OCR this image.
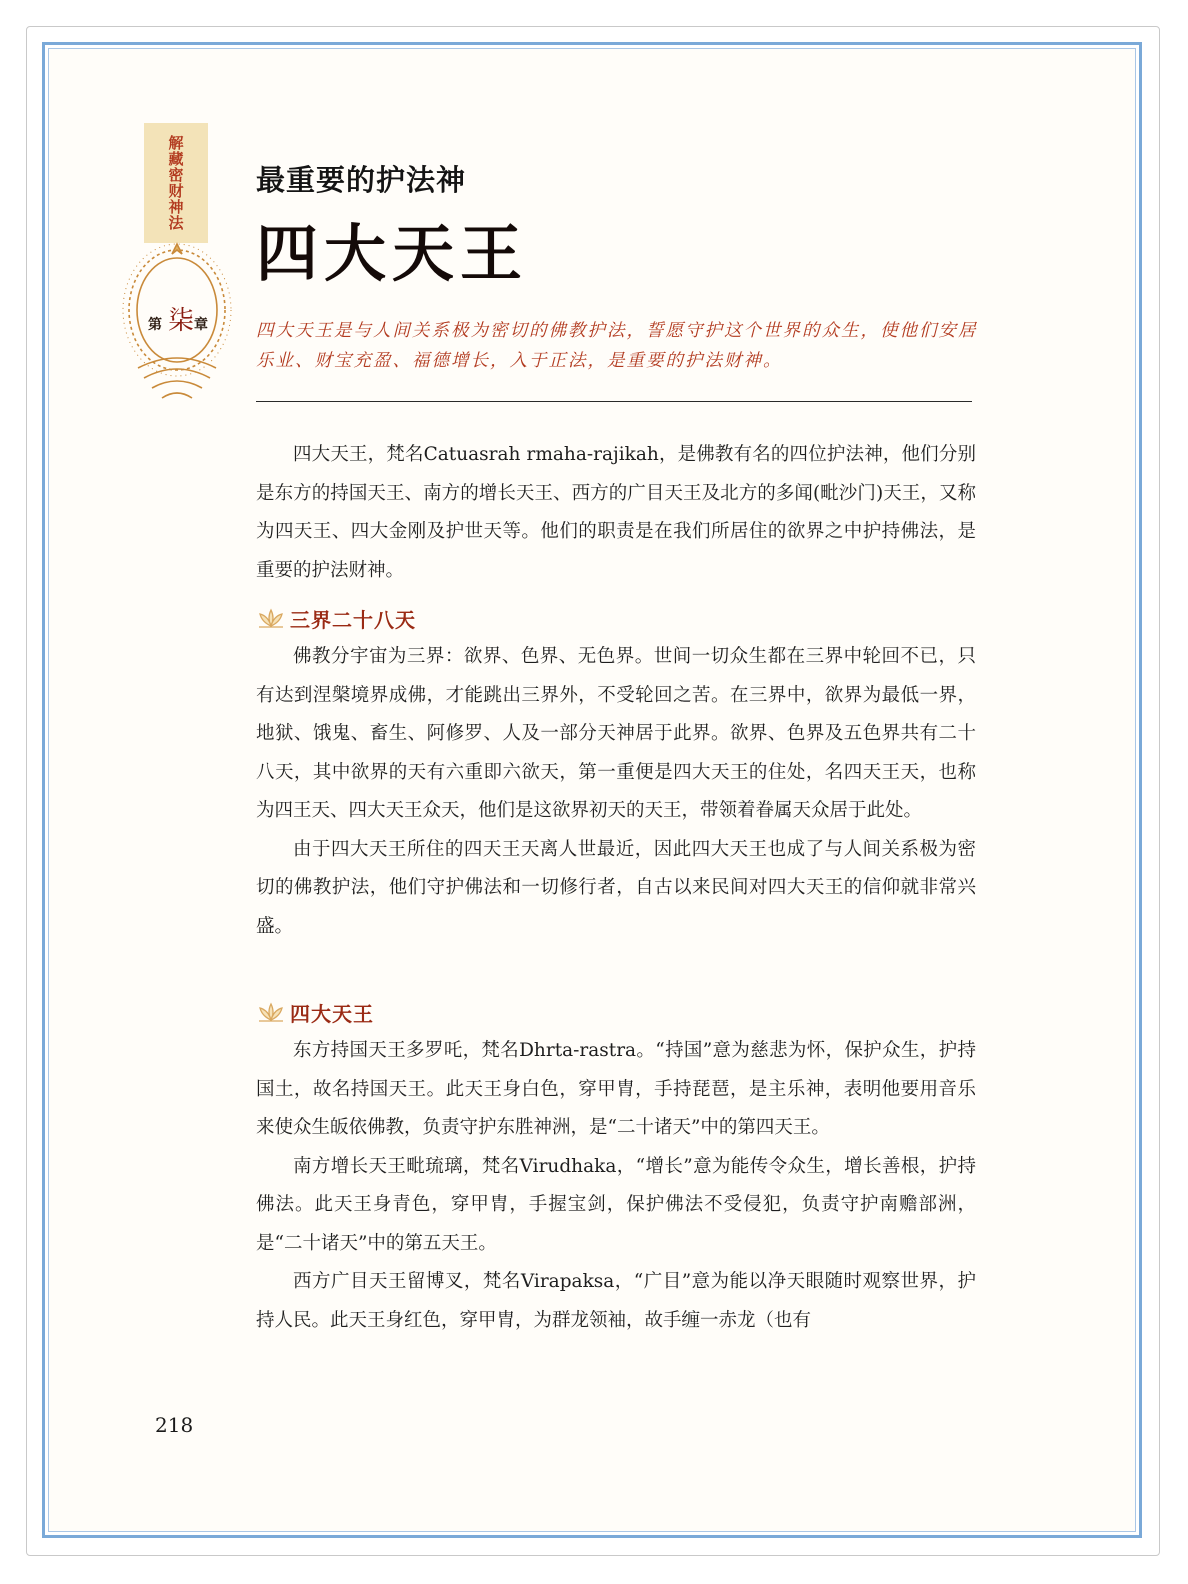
解藏密财神法
第 柒 章
最重要的护法神
四大天王
四大天王是与人间关系极为密切的佛教护法，誓愿守护这个世界的众生，使他们安居乐业、财宝充盈、福德增长，入于正法，是重要的护法财神。

四大天王，梵名Catuasrah rmaha-rajikah，是佛教有名的四位护法神，他们分别是东方的持国天王、南方的增长天王、西方的广目天王及北方的多闻(毗沙门)天王，又称为四天王、四大金刚及护世天等。他们的职责是在我们所居住的欲界之中护持佛法，是重要的护法财神。

三界二十八天

佛教分宇宙为三界：欲界、色界、无色界。世间一切众生都在三界中轮回不已，只有达到涅槃境界成佛，才能跳出三界外，不受轮回之苦。在三界中，欲界为最低一界，地狱、饿鬼、畜生、阿修罗、人及一部分天神居于此界。欲界、色界及五色界共有二十八天，其中欲界的天有六重即六欲天，第一重便是四大天王的住处，名四天王天，也称为四王天、四大天王众天，他们是这欲界初天的天王，带领着眷属天众居于此处。

由于四大天王所住的四天王天离人世最近，因此四大天王也成了与人间关系极为密切的佛教护法，他们守护佛法和一切修行者，自古以来民间对四大天王的信仰就非常兴盛。

四大天王

东方持国天王多罗吒，梵名Dhrta-rastra。“持国”意为慈悲为怀，保护众生，护持国土，故名持国天王。此天王身白色，穿甲胄，手持琵琶，是主乐神，表明他要用音乐来使众生皈依佛教，负责守护东胜神洲，是“二十诸天”中的第四天王。

南方增长天王毗琉璃，梵名Virudhaka，“增长”意为能传令众生，增长善根，护持佛法。此天王身青色，穿甲胄，手握宝剑，保护佛法不受侵犯，负责守护南赡部洲，是“二十诸天”中的第五天王。

西方广目天王留博叉，梵名Virapaksa，“广目”意为能以净天眼随时观察世界，护持人民。此天王身红色，穿甲胄，为群龙领袖，故手缠一赤龙（也有

218
